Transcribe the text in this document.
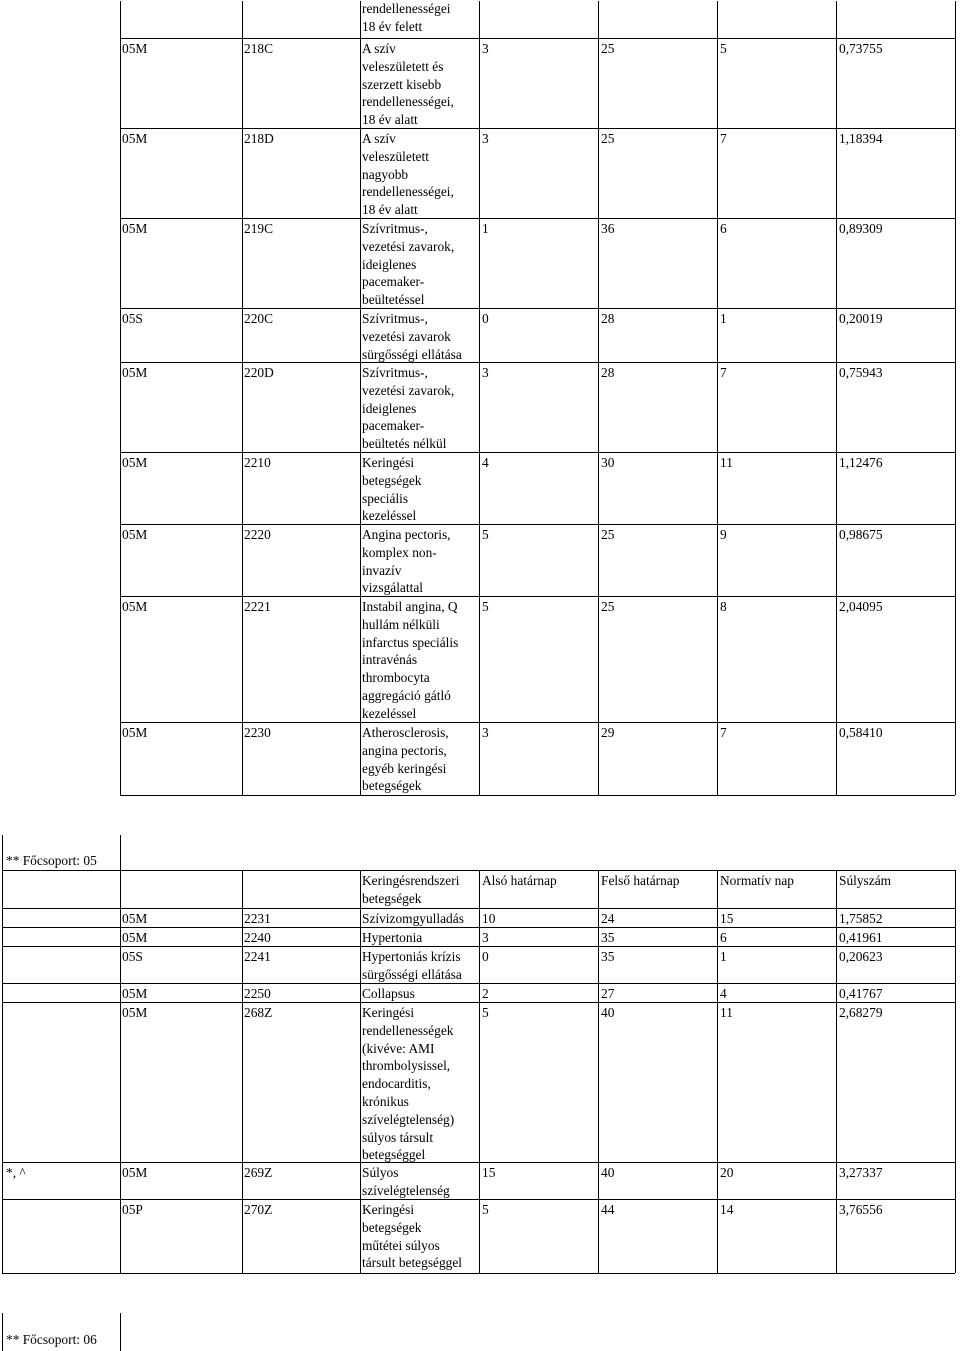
rendellenességei
18 év felett
05M	218C	A szív
veleszületett és
szerzett kisebb
rendellenességei,
18 év alatt
3	25	5	0,73755
05M	218D	A szív
veleszületett
nagyobb
rendellenességei,
18 év alatt
3	25	7	1,18394
05M	219C	Szívritmus-,
vezetési zavarok,
ideiglenes
pacemaker-
beültetéssel
1	36	6	0,89309
05S	220C	Szívritmus-,
vezetési zavarok
sürgősségi ellátása
0	28	1	0,20019
05M	220D	Szívritmus-,
vezetési zavarok,
ideiglenes
pacemaker-
beültetés nélkül
3	28	7	0,75943
05M	2210	Keringési
betegségek
speciális
kezeléssel
4	30	11	1,12476
05M	2220	Angina pectoris,
komplex non-
invazív
vizsgálattal
5	25	9	0,98675
05M	2221	Instabil angina, Q
hullám nélküli
infarctus speciális
intravénás
thrombocyta
aggregáció gátló
kezeléssel
5	25	8	2,04095
05M	2230	Atherosclerosis,
angina pectoris,
egyéb keringési
betegségek
3	29	7	0,58410
** Főcsoport: 05
Keringésrendszeri
betegségek
Alsó határnap	Felső határnap	Normatív nap	Súlyszám
05M	2231	Szívizomgyulladás 10	24	15	1,75852
05M	2240	Hypertonia	3	35	6	0,41961
05S	2241	Hypertoniás krízis
sürgősségi ellátása
0	35	1	0,20623
05M	2250	Collapsus	2	27	4	0,41767
05M	268Z	Keringési
rendellenességek
(kivéve: AMI
thrombolysissel,
endocarditis,
krónikus
szívelégtelenség)
súlyos társult
betegséggel
5	40	11	2,68279
*, ^	05M	269Z	Súlyos
szívelégtelenség
15	40	20	3,27337
05P	270Z	Keringési
betegségek
műtétei súlyos
társult betegséggel
5	44	14	3,76556
** Főcsoport: 06
